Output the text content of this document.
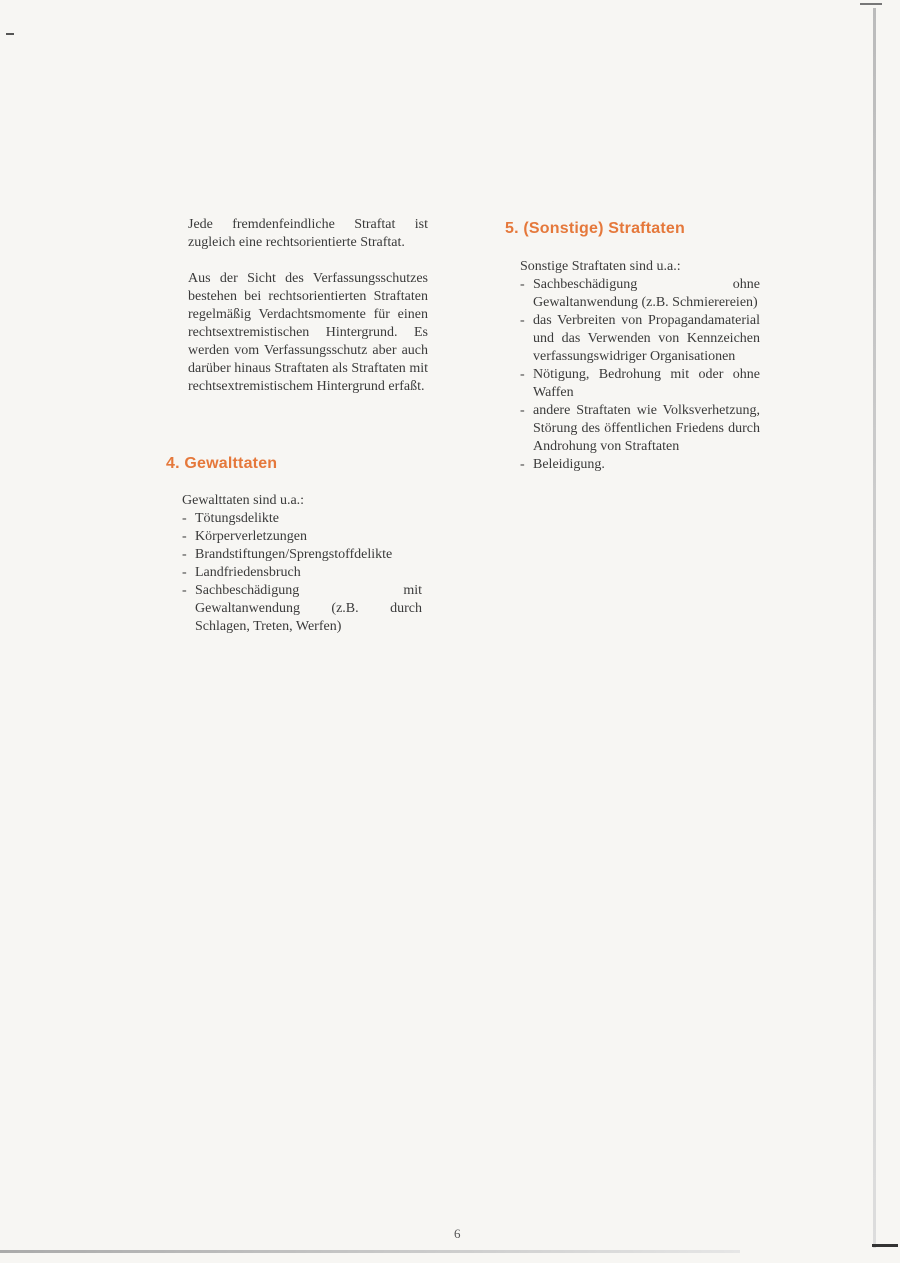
Jede fremdenfeindliche Straftat ist zugleich eine rechtsorientierte Straftat.

Aus der Sicht des Verfassungsschutzes bestehen bei rechtsorientierten Straftaten regelmäßig Verdachtsmomente für einen rechtsextremistischen Hintergrund. Es werden vom Verfassungsschutz aber auch darüber hinaus Straftaten als Straftaten mit rechtsextremistischem Hintergrund erfaßt.

4. Gewalttaten

Gewalttaten sind u.a.:

- Tötungsdelikte
- Körperverletzungen
- Brandstiftungen/Sprengstoffdelikte
- Landfriedensbruch
- Sachbeschädigung mit Gewaltanwendung (z.B. durch Schlagen, Treten, Werfen)
5. (Sonstige) Straftaten

Sonstige Straftaten sind u.a.:

- Sachbeschädigung ohne Gewaltanwendung (z.B. Schmierereien)
- das Verbreiten von Propagandamaterial und das Verwenden von Kennzeichen verfassungswidriger Organisationen
- Nötigung, Bedrohung mit oder ohne Waffen
- andere Straftaten wie Volksverhetzung, Störung des öffentlichen Friedens durch Androhung von Straftaten
- Beleidigung.
6
